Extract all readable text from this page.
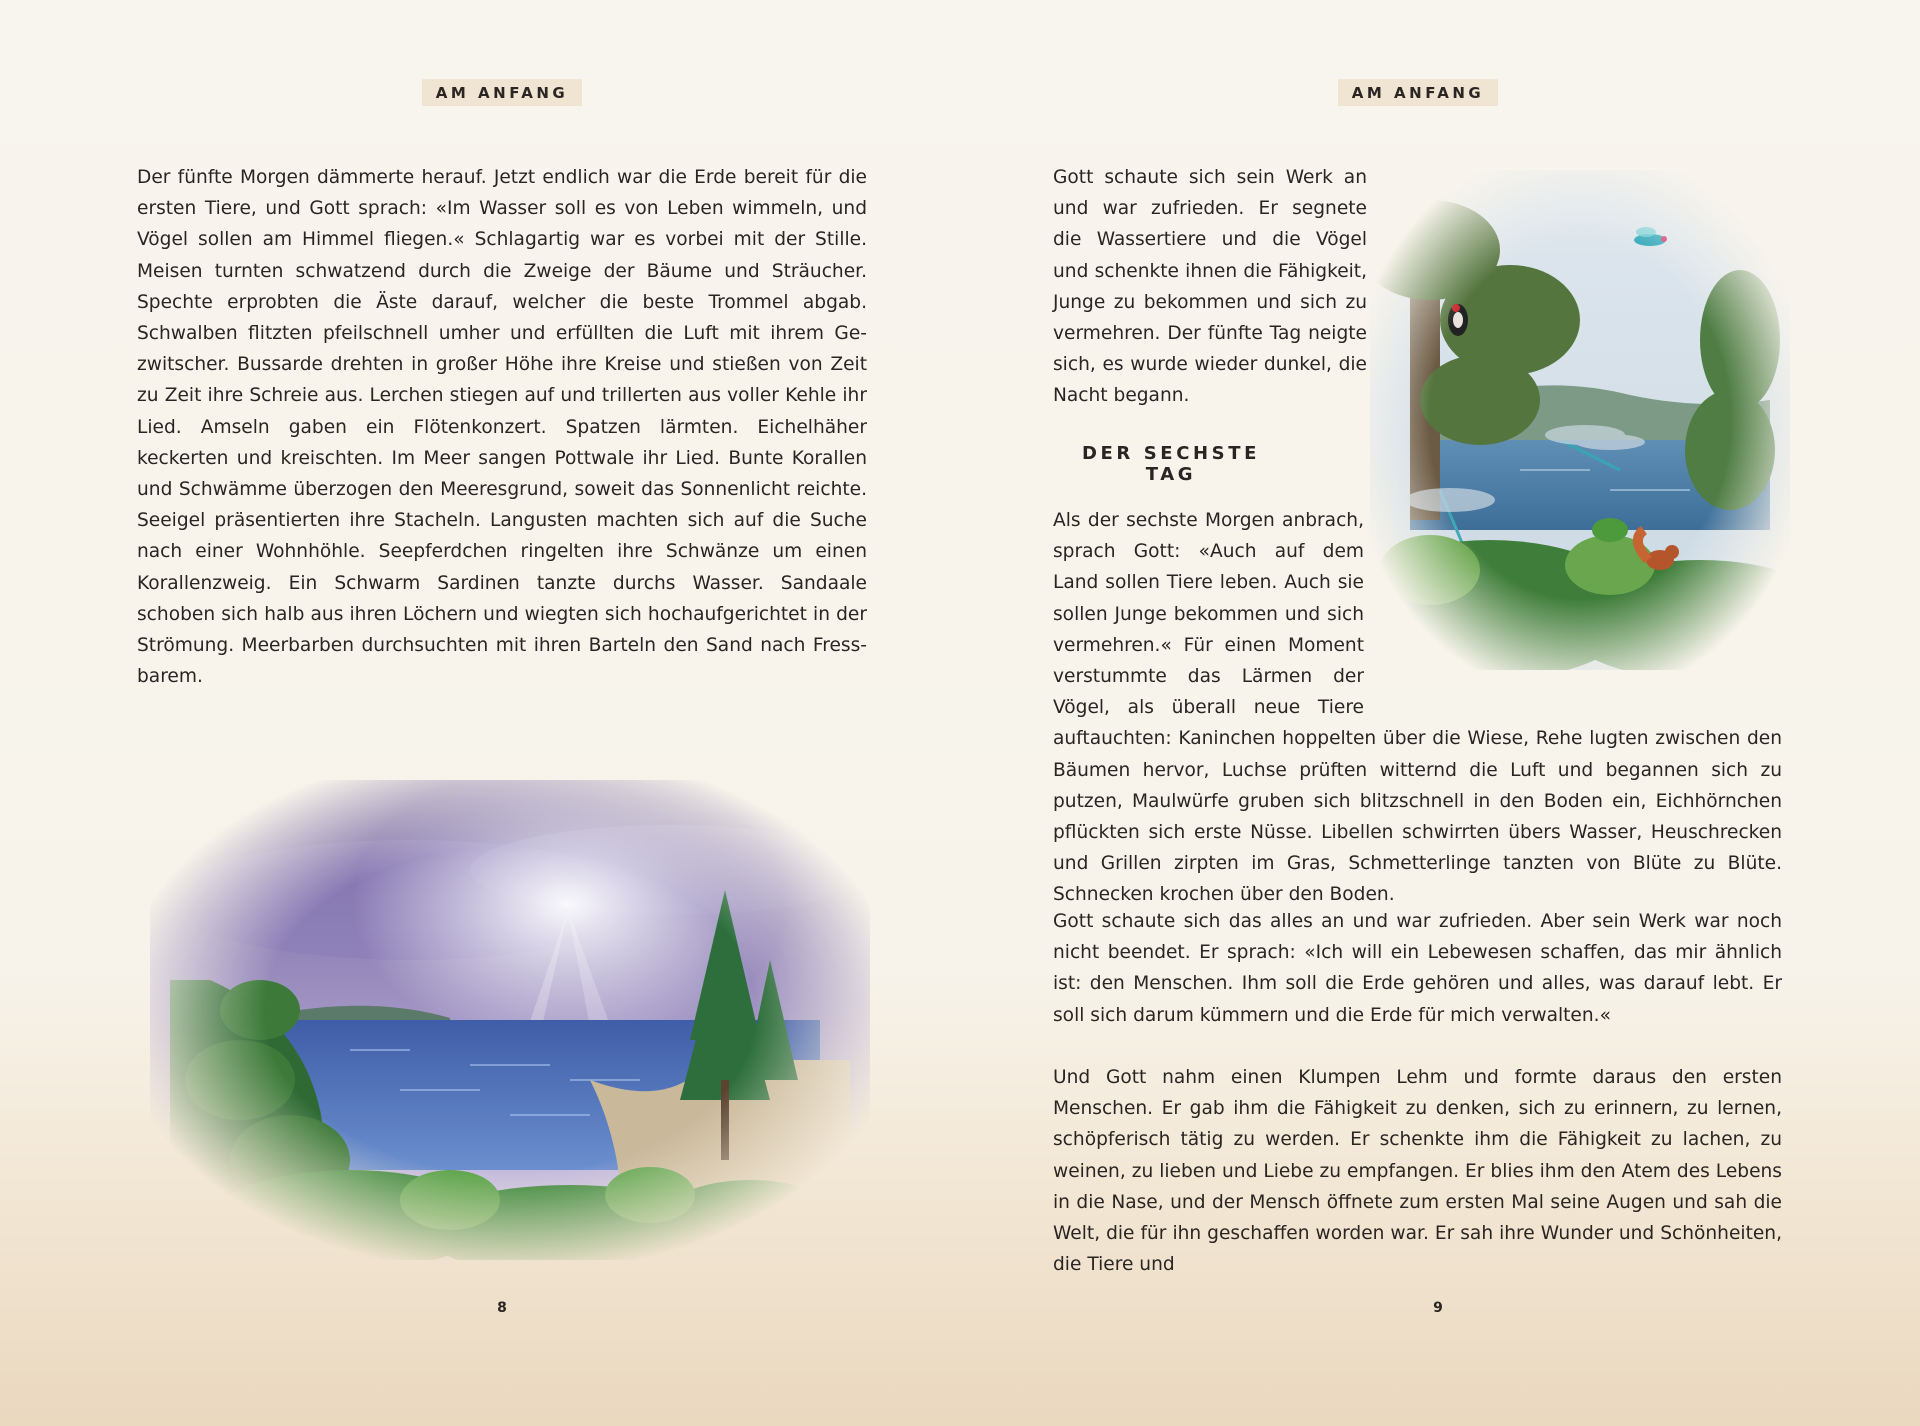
AM ANFANG

Der fünfte Morgen dämmerte herauf. Jetzt endlich war die Erde bereit für die ersten Tiere, und Gott sprach: «Im Wasser soll es von Leben wimmeln, und Vögel sollen am Himmel fliegen.« Schlagartig war es vorbei mit der Stille. Meisen turnten schwatzend durch die Zweige der Bäume und Sträucher. Spechte erprobten die Äste darauf, welcher die beste Trommel abgab. Schwalben flitzten pfeilschnell umher und erfüllten die Luft mit ihrem Gezwitscher. Bussarde drehten in großer Höhe ihre Kreise und stießen von Zeit zu Zeit ihre Schreie aus. Lerchen stiegen auf und trillerten aus voller Kehle ihr Lied. Amseln gaben ein Flötenkonzert. Spatzen lärmten. Eichelhäher keckerten und kreischten. Im Meer sangen Pottwale ihr Lied. Bunte Korallen und Schwämme überzogen den Meeresgrund, soweit das Sonnenlicht reichte. Seeigel präsentierten ihre Stacheln. Langusten machten sich auf die Suche nach einer Wohnhöhle. Seepferdchen ringelten ihre Schwänze um einen Korallenzweig. Ein Schwarm Sardinen tanzte durchs Wasser. Sandaale schoben sich halb aus ihren Löchern und wiegten sich hochaufgerichtet in der Strömung. Meerbarben durchsuchten mit ihren Barteln den Sand nach Fressbarem.

8
AM ANFANG

Gott schaute sich sein Werk an und war zufrieden. Er segnete die Wassertiere und die Vögel und schenkte ihnen die Fähigkeit, Junge zu bekommen und sich zu vermehren. Der fünfte Tag neigte sich, es wurde wieder dunkel, die Nacht begann.

DER SECHSTE TAG
Als der sechste Morgen anbrach, sprach Gott: «Auch auf dem Land sollen Tiere leben. Auch sie sollen Junge bekommen und sich vermehren.« Für einen Moment verstummte das Lärmen der Vögel, als überall neue Tiere auftauchten: Kaninchen hoppelten über die Wiese, Rehe lugten zwischen den Bäumen hervor, Luchse prüften witternd die Luft und begannen sich zu putzen, Maulwürfe gruben sich blitzschnell in den Boden ein, Eichhörnchen pflückten sich erste Nüsse. Libellen schwirrten übers Wasser, Heuschrecken und Grillen zirpten im Gras, Schmetterlinge tanzten von Blüte zu Blüte. Schnecken krochen über den Boden.

Gott schaute sich das alles an und war zufrieden. Aber sein Werk war noch nicht beendet. Er sprach: «Ich will ein Lebewesen schaffen, das mir ähnlich ist: den Menschen. Ihm soll die Erde gehören und alles, was darauf lebt. Er soll sich darum kümmern und die Erde für mich verwalten.«

Und Gott nahm einen Klumpen Lehm und formte daraus den ersten Menschen. Er gab ihm die Fähigkeit zu denken, sich zu erinnern, zu lernen, schöpferisch tätig zu werden. Er schenkte ihm die Fähigkeit zu lachen, zu weinen, zu lieben und Liebe zu empfangen. Er blies ihm den Atem des Lebens in die Nase, und der Mensch öffnete zum ersten Mal seine Augen und sah die Welt, die für ihn geschaffen worden war. Er sah ihre Wunder und Schönheiten, die Tiere und

9
